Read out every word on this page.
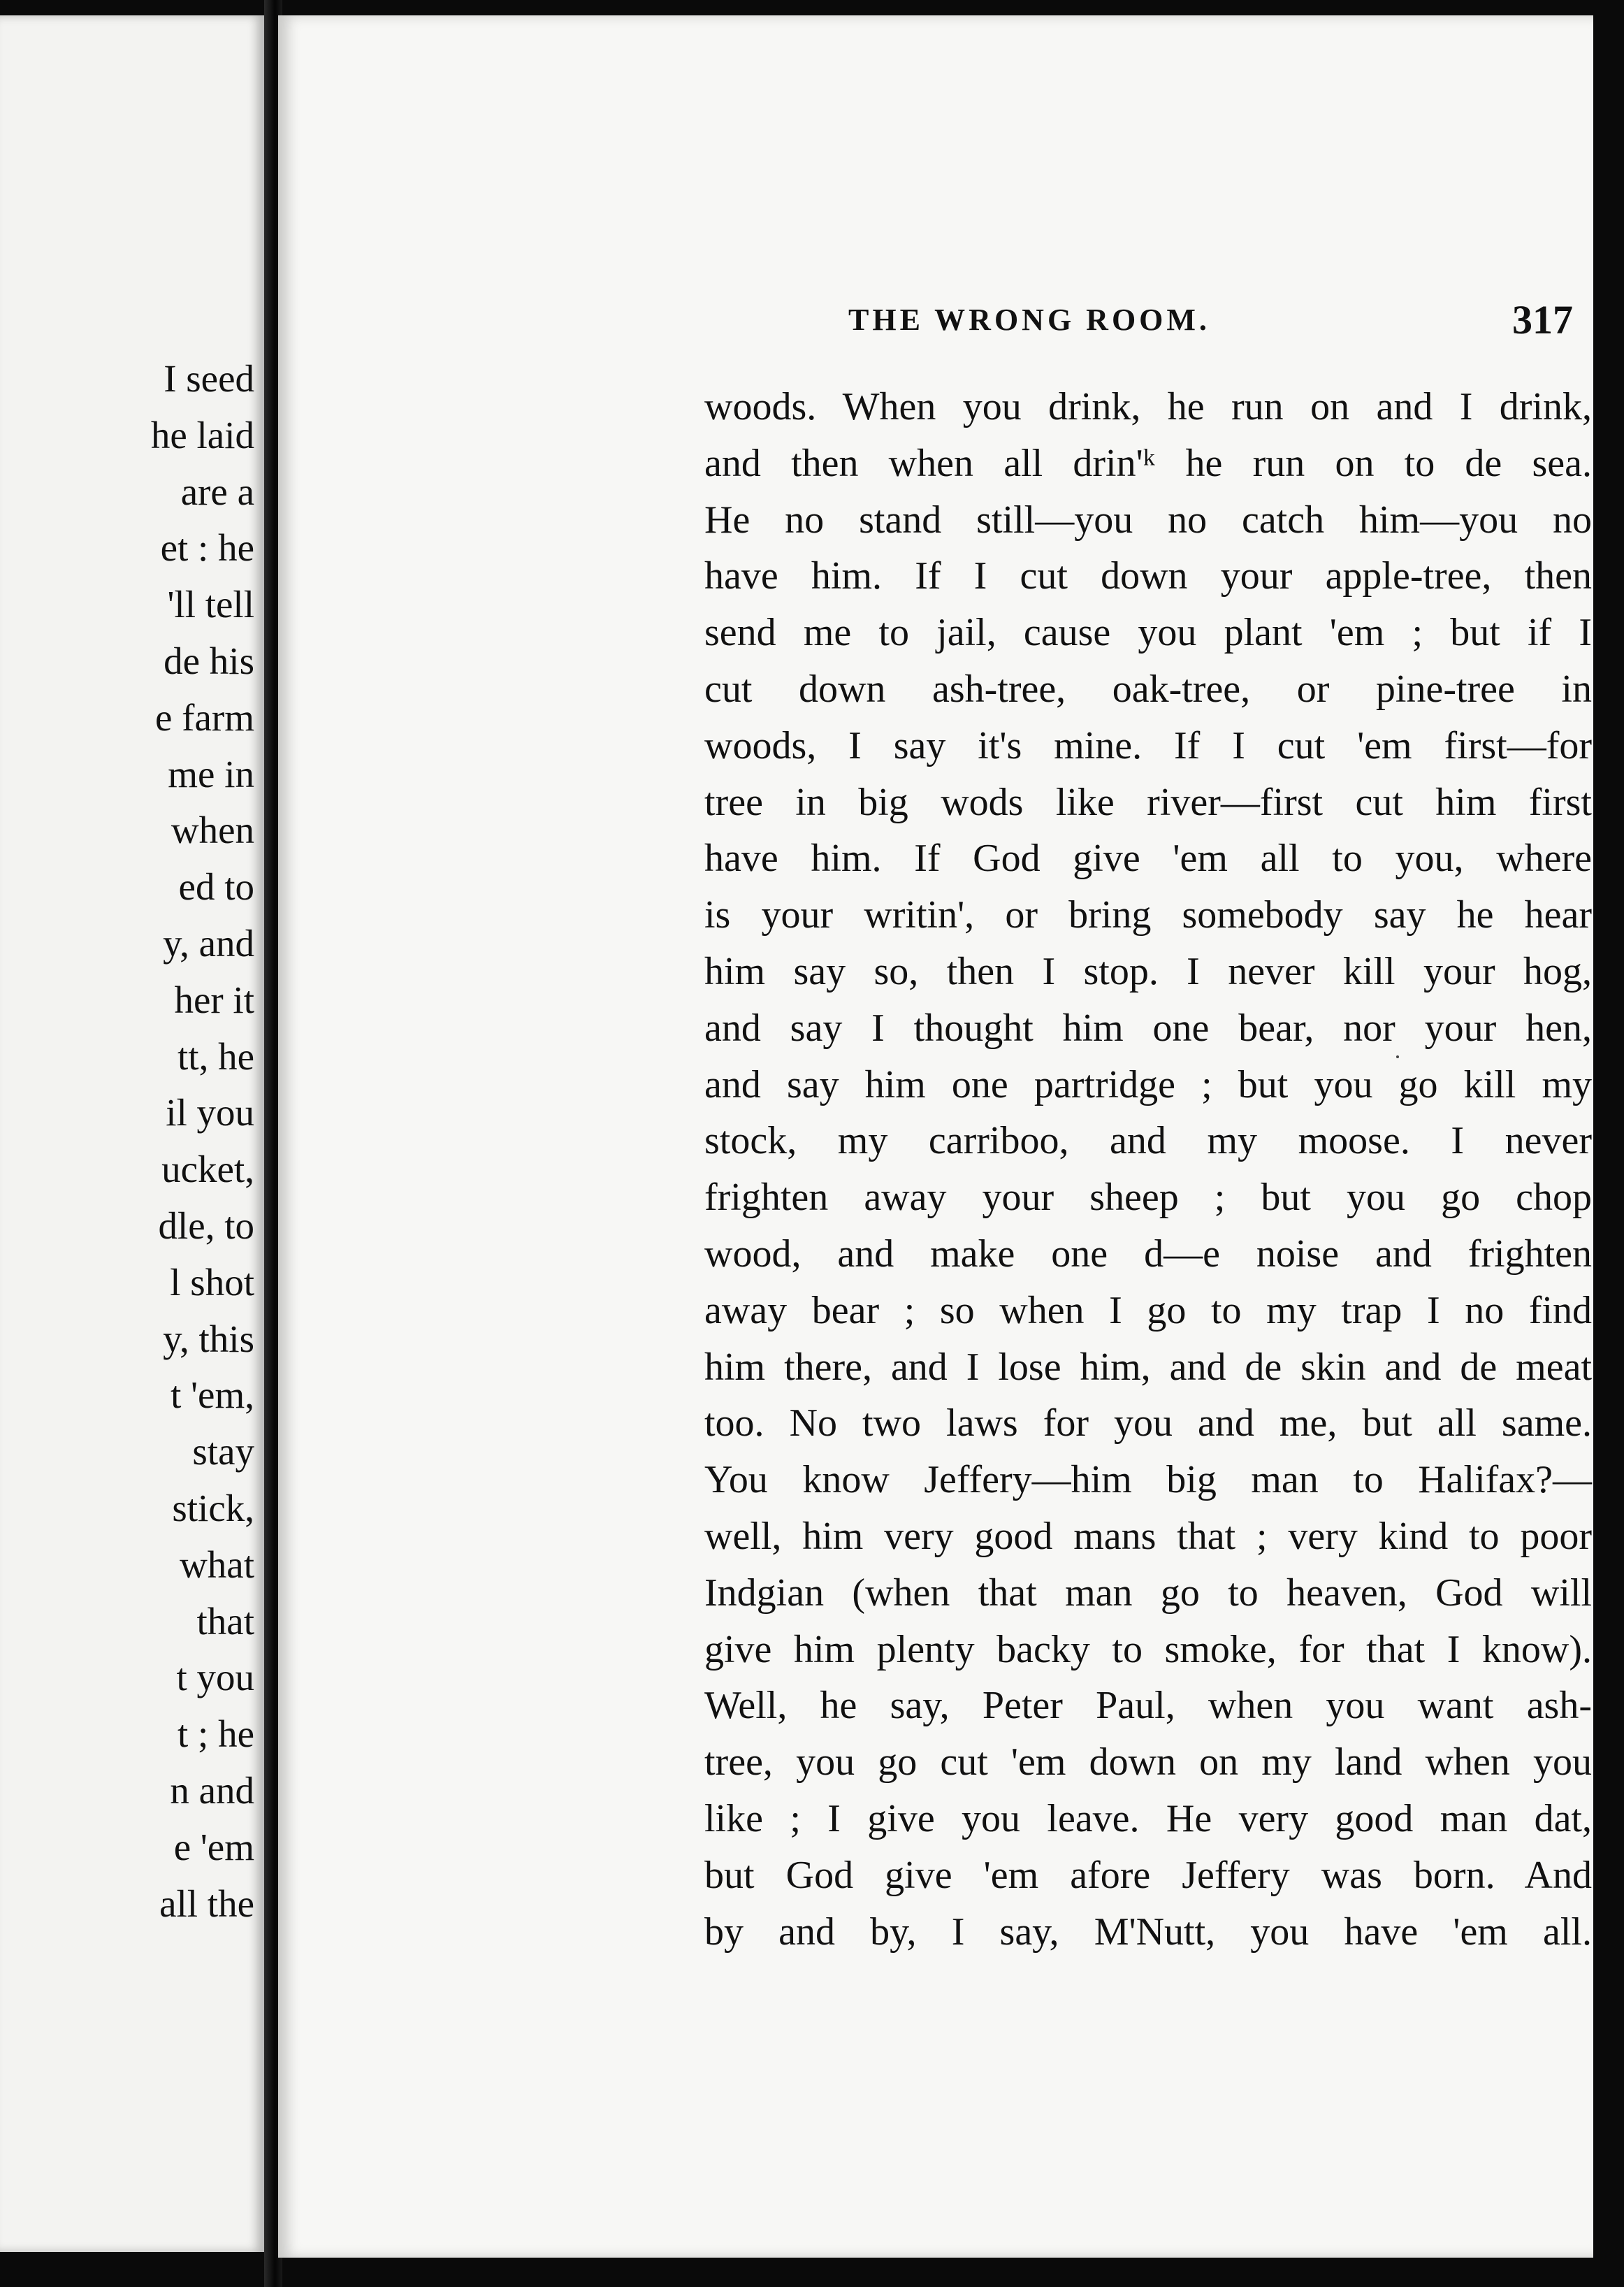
I seed
he laid
are a
et : he
'll tell
de his
e farm
me in
when
ed to
y, and
her it
tt, he
il you
ucket,
dle, to
l shot
y, this
t 'em,
stay
stick,
what
that
t you
t ; he
n and
e 'em
all the
THE WRONG ROOM.	317
woods. When you drink, he run on and I drink,
and then when all drin'ᵏ he run on to de sea.
He no stand still—you no catch him—you no
have him. If I cut down your apple-tree, then
send me to jail, cause you plant 'em ; but if I
cut down ash-tree, oak-tree, or pine-tree in
woods, I say it's mine. If I cut 'em first—for
tree in big wods like river—first cut him first
have him. If God give 'em all to you, where
is your writin', or bring somebody say he hear
him say so, then I stop. I never kill your hog,
and say I thought him one bear, nor your hen,
and say him one partridge ; but you go kill my
stock, my carriboo, and my moose. I never
frighten away your sheep ; but you go chop
wood, and make one d—e noise and frighten
away bear ; so when I go to my trap I no find
him there, and I lose him, and de skin and de meat
too. No two laws for you and me, but all same.
You know Jeffery—him big man to Halifax?—
well, him very good mans that ; very kind to poor
Indgian (when that man go to heaven, God will
give him plenty backy to smoke, for that I know).
Well, he say, Peter Paul, when you want ash-
tree, you go cut 'em down on my land when you
like ; I give you leave. He very good man dat,
but God give 'em afore Jeffery was born. And
by and by, I say, M'Nutt, you have 'em all.
